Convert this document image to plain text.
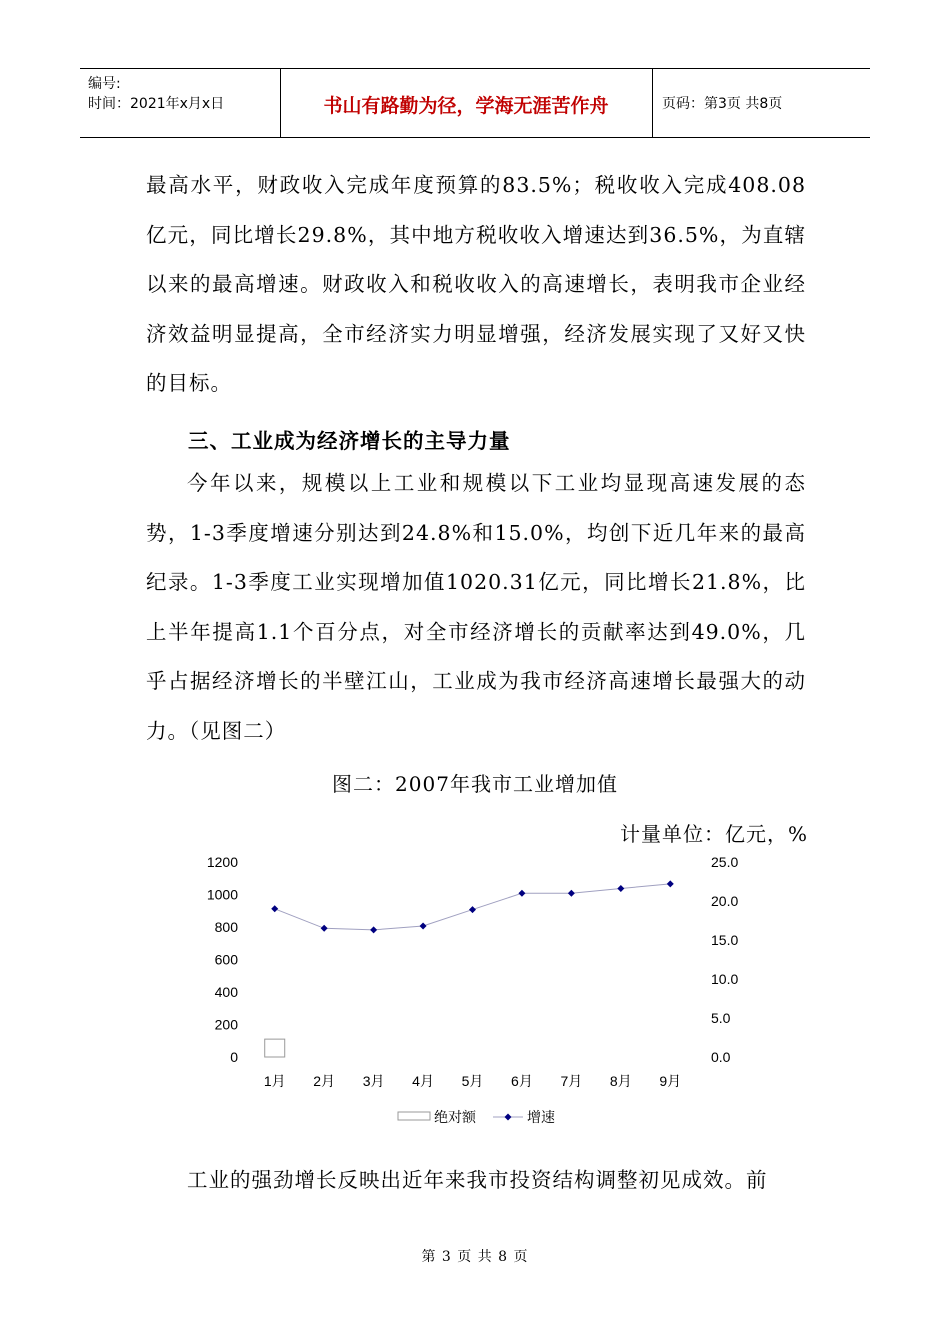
编号:
时间：2021年x月x日	书山有路勤为径，学海无涯苦作舟	页码：第3页 共8页
最高水平，财政收入完成年度预算的83.5%；税收收入完成408.08亿元，同比增长29.8%，其中地方税收收入增速达到36.5%，为直辖以来的最高增速。财政收入和税收收入的高速增长，表明我市企业经济效益明显提高，全市经济实力明显增强，经济发展实现了又好又快的目标。
三、工业成为经济增长的主导力量
今年以来，规模以上工业和规模以下工业均显现高速发展的态势，1-3季度增速分别达到24.8%和15.0%，均创下近几年来的最高纪录。1-3季度工业实现增加值1020.31亿元，同比增长21.8%，比上半年提高1.1个百分点，对全市经济增长的贡献率达到49.0%，几乎占据经济增长的半壁江山，工业成为我市经济高速增长最强大的动力。（见图二）
图二：2007年我市工业增加值
计量单位：亿元，%
0
200
400
600
800
1000
1200
0.0
5.0
10.0
15.0
20.0
25.0
1月 2月 3月 4月 5月 6月 7月 8月 9月
绝对额	增速
工业的强劲增长反映出近年来我市投资结构调整初见成效。前
第 3 页 共 8 页
